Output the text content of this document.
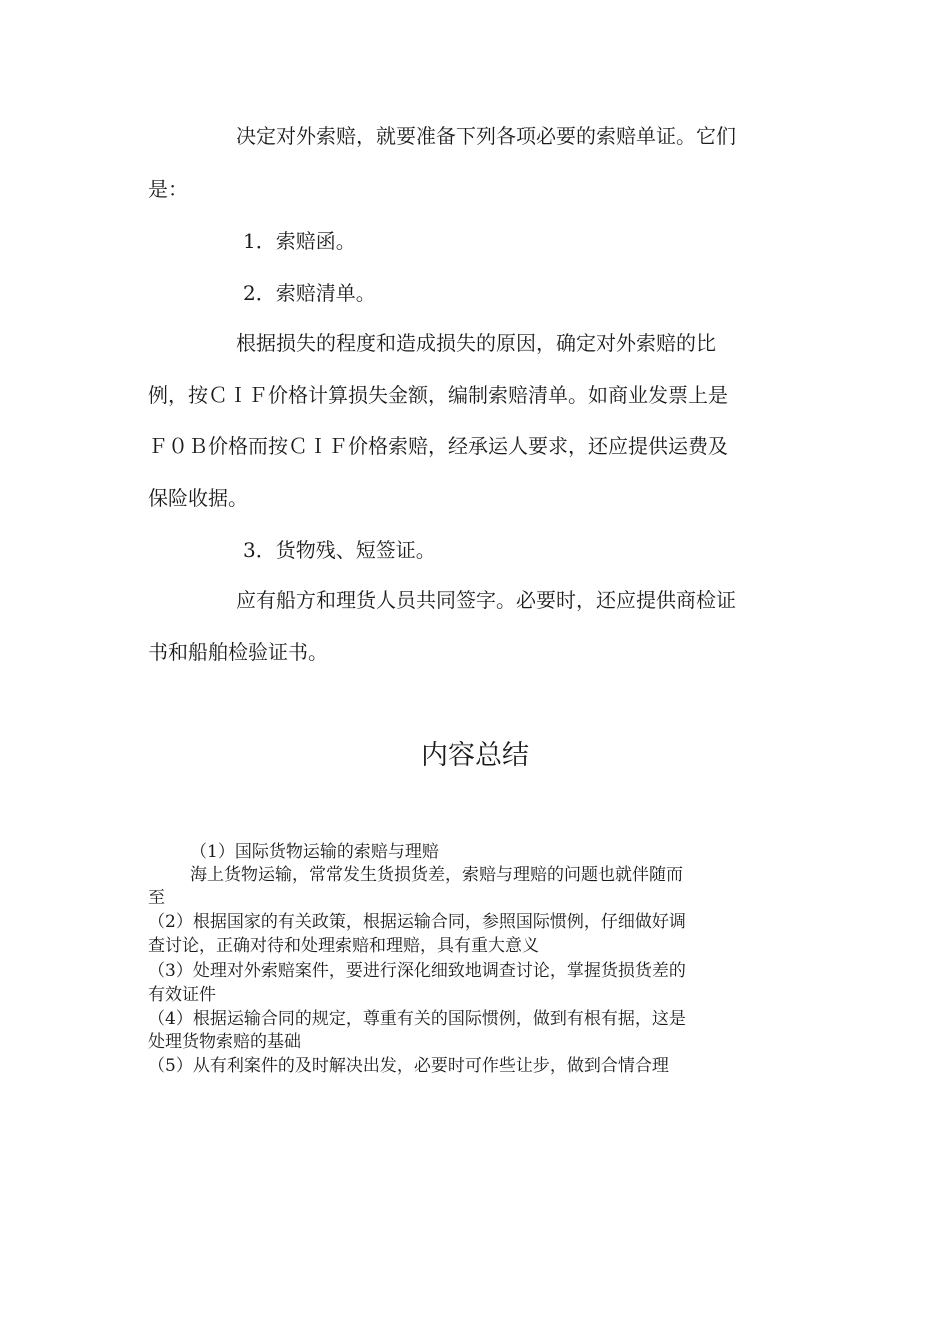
决定对外索赔，就要准备下列各项必要的索赔单证。它们
是：
1．索赔函。
2．索赔清单。
根据损失的程度和造成损失的原因，确定对外索赔的比
例，按ＣＩＦ价格计算损失金额，编制索赔清单。如商业发票上是
Ｆ０Ｂ价格而按ＣＩＦ价格索赔，经承运人要求，还应提供运费及
保险收据。
3．货物残、短签证。
应有船方和理货人员共同签字。必要时，还应提供商检证
书和船舶检验证书。
内容总结
（1）国际货物运输的索赔与理赔
海上货物运输，常常发生货损货差，索赔与理赔的问题也就伴随而
至
（2）根据国家的有关政策，根据运输合同，参照国际惯例，仔细做好调
查讨论，正确对待和处理索赔和理赔，具有重大意义
（3）处理对外索赔案件，要进行深化细致地调查讨论，掌握货损货差的
有效证件
（4）根据运输合同的规定，尊重有关的国际惯例，做到有根有据，这是
处理货物索赔的基础
（5）从有利案件的及时解决出发，必要时可作些让步，做到合情合理
